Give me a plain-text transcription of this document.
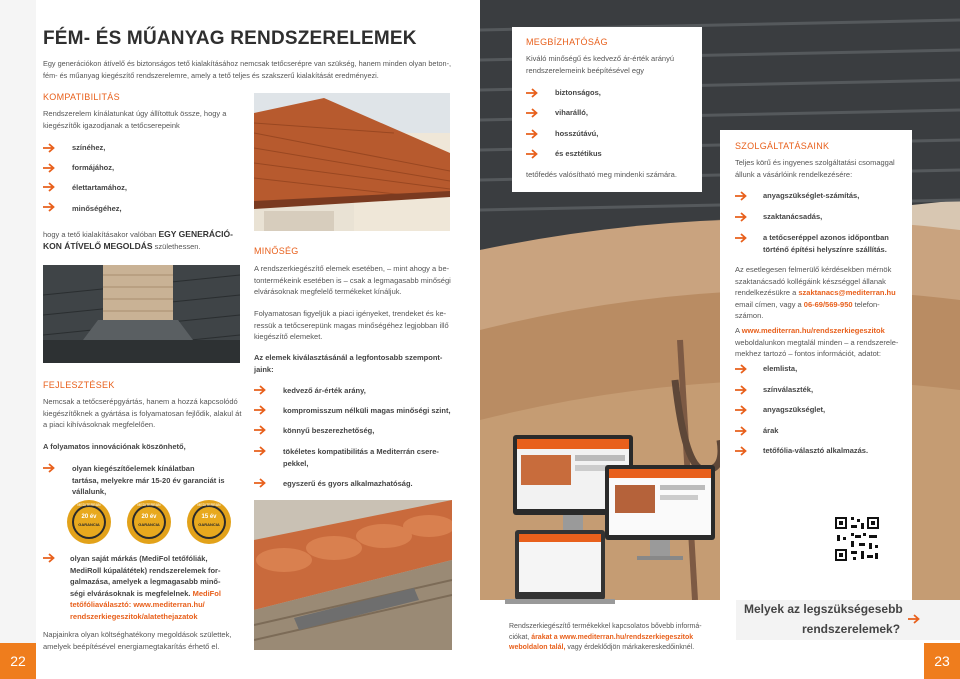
FÉM- ÉS MŰANYAG RENDSZERELEMEK
Egy generációkon átívelő és biztonságos tető kialakításához nemcsak tetőcserépre van szükség, hanem minden olyan beton-,
fém- és műanyag kiegészítő rendszerelemre, amely a tető teljes és szakszerű kialakítását eredményezi.
KOMPATIBILITÁS
Rendszerelem kínálatunkat úgy állítottuk össze, hogy a
kiegészítők igazodjanak a tetőcserepeink
színéhez,
formájához,
élettartamához,
minőségéhez,
hogy a tető kialakításakor valóban EGY GENERÁCIÓ-
KON ÁTÍVELŐ MEGOLDÁS születhessen.
FEJLESZTÉSEK
Nemcsak a tetőcserépgyártás, hanem a hozzá kapcsolódó
kiegészítőknek a gyártása is folyamatosan fejlődik, alakul át
a piaci kihívásoknak megfelelően.
A folyamatos innovációnak köszönhető,
olyan kiegészítőelemek kínálatban
tartása, melyekre már 15-20 év garanciát is
vállalunk,
20 év
GARANCIA
MEDITERRÁN
20 év
GARANCIA
MEDITERRÁN
15 év
GARANCIA
MEDITERRÁN
olyan saját márkás (MediFol tetőfóliák,
MediRoll kúpalátétek) rendszerelemek for-
galmazása, amelyek a legmagasabb minő-
ségi elvárásoknak is megfelelnek. MediFol
tetőfóliaválasztó: www.mediterran.hu/
rendszerkiegeszitok/alatethejazatok
Napjainkra olyan költséghatékony megoldások születtek,
amelyek beépítésével energiamegtakarítás érhető el.
22
MINŐSÉG
A rendszerkiegészítő elemek esetében, – mint ahogy a be-
tontermékeink esetében is – csak a legmagasabb minőségi
elvárásoknak megfelelő termékeket kínáljuk.
Folyamatosan figyeljük a piaci igényeket, trendeket és ke-
ressük a tetőcserepünk magas minőségéhez legjobban illő
kiegészítő elemeket.
Az elemek kiválasztásánál a legfontosabb szempont-
jaink:
kedvező ár-érték arány,
kompromisszum nélküli magas minőségi szint,
könnyű beszerezhetőség,
tökéletes kompatibilitás a Mediterrán csere-
pekkel,
egyszerű és gyors alkalmazhatóság.
MEGBÍZHATÓSÁG
Kiváló minőségű és kedvező ár-érték arányú
rendszerelemeink beépítésével egy
biztonságos,
viharálló,
hosszútávú,
és esztétikus
tetőfedés valósítható meg mindenki számára.
SZOLGÁLTATÁSAINK
Teljes körű és ingyenes szolgáltatási csomaggal
állunk a vásárlóink rendelkezésére:
anyagszükséglet-számítás,
szaktanácsadás,
a tetőcseréppel azonos időpontban
történő építési helyszínre szállítás.
Az esetlegesen felmerülő kérdésekben mérnök
szaktanácsadó kollégáink készséggel állanak
rendelkezésükre a szaktanacs@mediterran.hu
email címen, vagy a 06-69/569-950 telefon-
számon.
A www.mediterran.hu/rendszerkiegeszitok
weboldalunkon megtalál minden – a rendszerele-
mekhez tartozó – fontos információt, adatot:
elemlista,
színválaszték,
anyagszükséglet,
árak
tetőfólia-választó alkalmazás.
Rendszerkiegészítő termékekkel kapcsolatos bővebb informá-
ciókat, árakat a www.mediterran.hu/rendszerkiegeszitok
weboldalon talál, vagy érdeklődjön márkakereskedőinknél.
Melyek az legszükségesebb
rendszerelemek?
23
